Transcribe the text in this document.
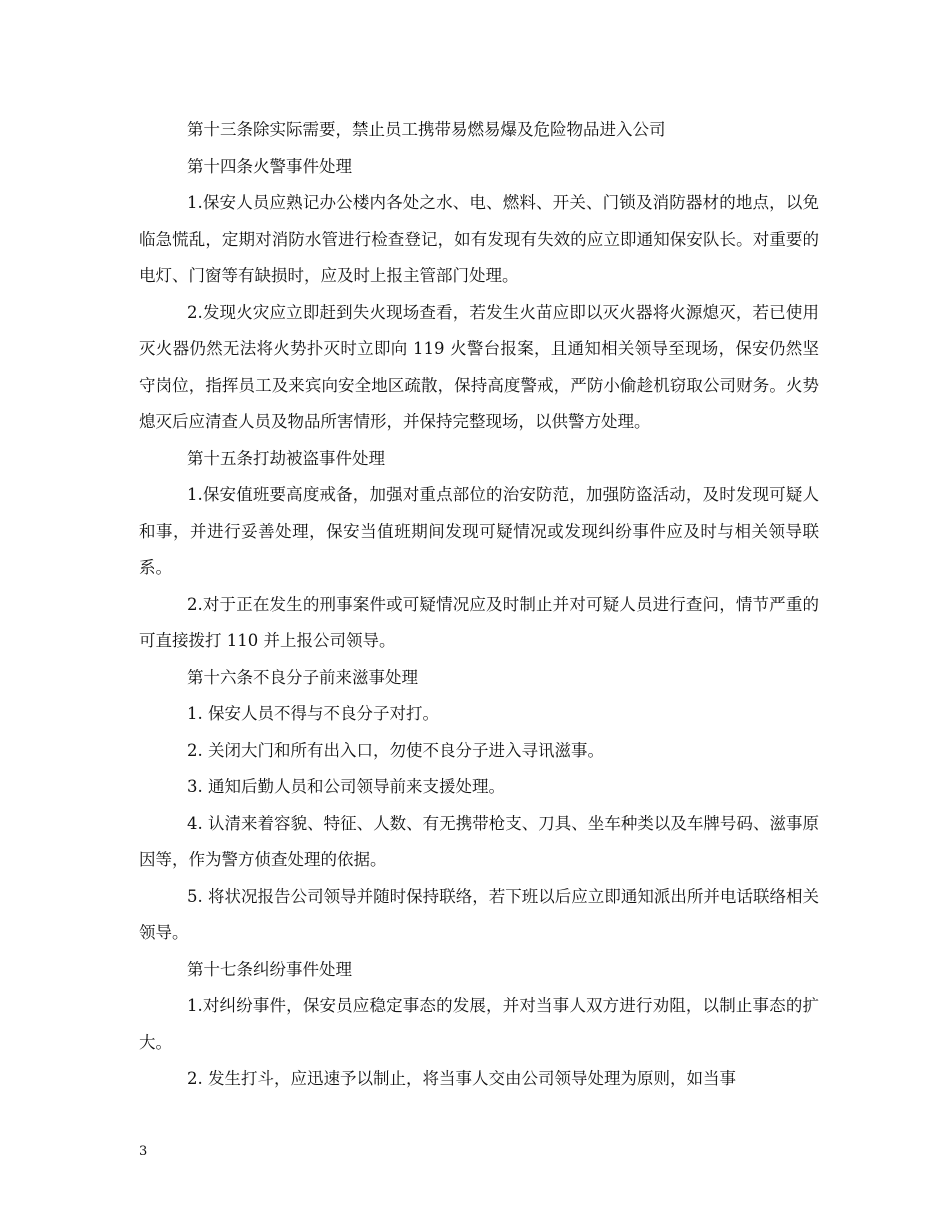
第十三条除实际需要，禁止员工携带易燃易爆及危险物品进入公司

第十四条火警事件处理

1.保安人员应熟记办公楼内各处之水、电、燃料、开关、门锁及消防器材的地点，以免临急慌乱，定期对消防水管进行检查登记，如有发现有失效的应立即通知保安队长。对重要的电灯、门窗等有缺损时，应及时上报主管部门处理。

2.发现火灾应立即赶到失火现场查看，若发生火苗应即以灭火器将火源熄灭，若已使用灭火器仍然无法将火势扑灭时立即向 119 火警台报案，且通知相关领导至现场，保安仍然坚守岗位，指挥员工及来宾向安全地区疏散，保持高度警戒，严防小偷趁机窃取公司财务。火势熄灭后应清查人员及物品所害情形，并保持完整现场，以供警方处理。

第十五条打劫被盗事件处理

1.保安值班要高度戒备，加强对重点部位的治安防范，加强防盗活动，及时发现可疑人和事，并进行妥善处理，保安当值班期间发现可疑情况或发现纠纷事件应及时与相关领导联系。

2.对于正在发生的刑事案件或可疑情况应及时制止并对可疑人员进行查问，情节严重的可直接拨打 110 并上报公司领导。

第十六条不良分子前来滋事处理

1. 保安人员不得与不良分子对打。

2. 关闭大门和所有出入口，勿使不良分子进入寻讯滋事。

3. 通知后勤人员和公司领导前来支援处理。

4. 认清来着容貌、特征、人数、有无携带枪支、刀具、坐车种类以及车牌号码、滋事原因等，作为警方侦查处理的依据。

5. 将状况报告公司领导并随时保持联络，若下班以后应立即通知派出所并电话联络相关领导。

第十七条纠纷事件处理

1.对纠纷事件，保安员应稳定事态的发展，并对当事人双方进行劝阻，以制止事态的扩大。

2. 发生打斗，应迅速予以制止，将当事人交由公司领导处理为原则，如当事

3
